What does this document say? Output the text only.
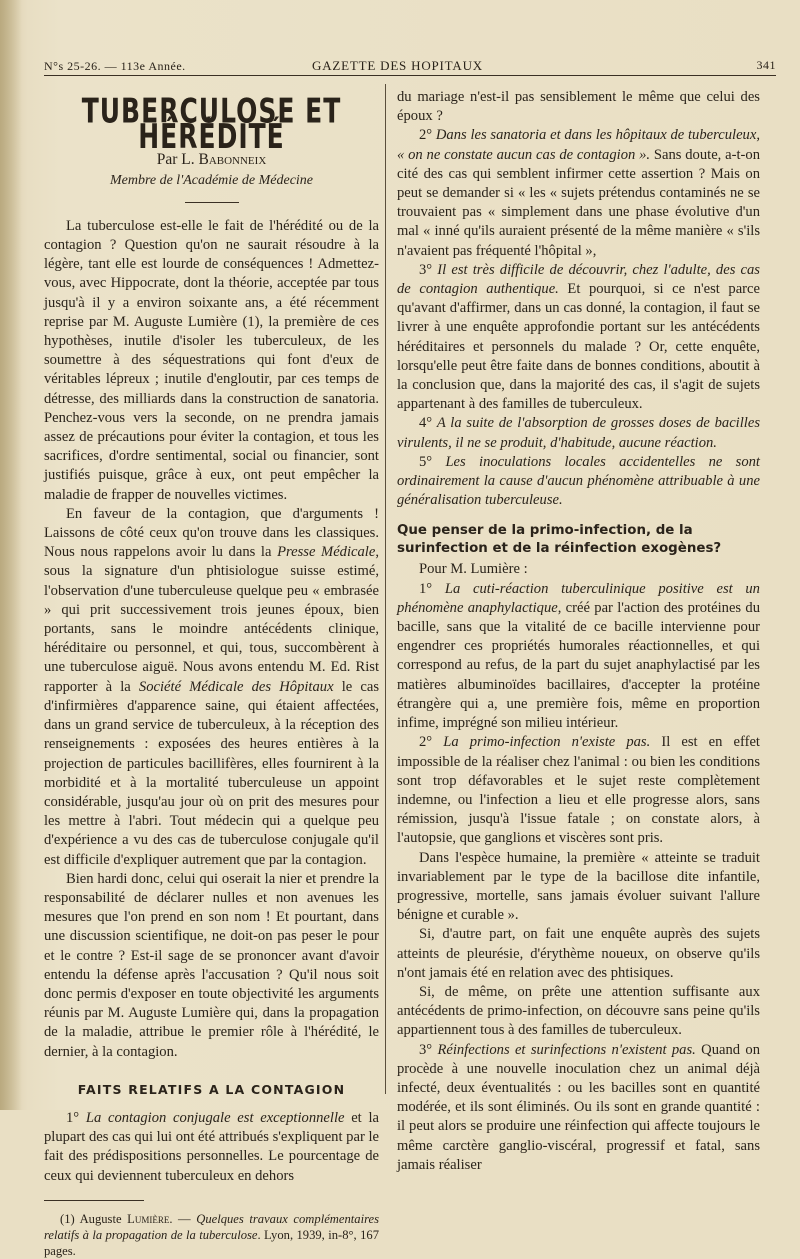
N°s 25-26. — 113e Année.	GAZETTE DES HOPITAUX	341
TUBERCULOSE ET HÉRÉDITÉ
Par L. Babonneix
Membre de l'Académie de Médecine

La tuberculose est-elle le fait de l'hérédité ou de la contagion ? Question qu'on ne saurait résoudre à la légère, tant elle est lourde de conséquences ! Admettez-vous, avec Hippocrate, dont la théorie, acceptée par tous jusqu'à il y a environ soixante ans, a été récemment reprise par M. Auguste Lumière (1), la première de ces hypothèses, inutile d'isoler les tuberculeux, de les soumettre à des séquestrations qui font d'eux de véritables lépreux ; inutile d'engloutir, par ces temps de détresse, des milliards dans la construction de sanatoria. Penchez-vous vers la seconde, on ne prendra jamais assez de précautions pour éviter la contagion, et tous les sacrifices, d'ordre sentimental, social ou financier, sont justifiés puisque, grâce à eux, ont peut empêcher la maladie de frapper de nouvelles victimes.

En faveur de la contagion, que d'arguments ! Laissons de côté ceux qu'on trouve dans les classiques. Nous nous rappelons avoir lu dans la Presse Médicale, sous la signature d'un phtisiologue suisse estimé, l'observation d'une tuberculeuse quelque peu « embrasée » qui prit successivement trois jeunes époux, bien portants, sans le moindre antécédents clinique, héréditaire ou personnel, et qui, tous, succombèrent à une tuberculose aiguë. Nous avons entendu M. Ed. Rist rapporter à la Société Médicale des Hôpitaux le cas d'infirmières d'apparence saine, qui étaient affectées, dans un grand service de tuberculeux, à la réception des renseignements : exposées des heures entières à la projection de particules bacillifères, elles fournirent à la morbidité et à la mortalité tuberculeuse un appoint considérable, jusqu'au jour où on prit des mesures pour les mettre à l'abri. Tout médecin qui a quelque peu d'expérience a vu des cas de tuberculose conjugale qu'il est difficile d'expliquer autrement que par la contagion.

Bien hardi donc, celui qui oserait la nier et prendre la responsabilité de déclarer nulles et non avenues les mesures que l'on prend en son nom ! Et pourtant, dans une discussion scientifique, ne doit-on pas peser le pour et le contre ? Est-il sage de se prononcer avant d'avoir entendu la défense après l'accusation ? Qu'il nous soit donc permis d'exposer en toute objectivité les arguments réunis par M. Auguste Lumière qui, dans la propagation de la maladie, attribue le premier rôle à l'hérédité, le dernier, à la contagion.

FAITS RELATIFS A LA CONTAGION

1° La contagion conjugale est exceptionnelle et la plupart des cas qui lui ont été attribués s'expliquent par le fait des prédispositions personnelles. Le pourcentage de ceux qui deviennent tuberculeux en dehors

(1) Auguste Lumière. — Quelques travaux complémentaires relatifs à la propagation de la tuberculose. Lyon, 1939, in-8°, 167 pages.

du mariage n'est-il pas sensiblement le même que celui des époux ?

2° Dans les sanatoria et dans les hôpitaux de tuberculeux, « on ne constate aucun cas de contagion ». Sans doute, a-t-on cité des cas qui semblent infirmer cette assertion ? Mais on peut se demander si « les « sujets prétendus contaminés ne se trouvaient pas « simplement dans une phase évolutive d'un mal « inné qu'ils auraient présenté de la même manière « s'ils n'avaient pas fréquenté l'hôpital »,

3° Il est très difficile de découvrir, chez l'adulte, des cas de contagion authentique. Et pourquoi, si ce n'est parce qu'avant d'affirmer, dans un cas donné, la contagion, il faut se livrer à une enquête approfondie portant sur les antécédents héréditaires et personnels du malade ? Or, cette enquête, lorsqu'elle peut être faite dans de bonnes conditions, aboutit à la conclusion que, dans la majorité des cas, il s'agit de sujets appartenant à des familles de tuberculeux.

4° A la suite de l'absorption de grosses doses de bacilles virulents, il ne se produit, d'habitude, aucune réaction.

5° Les inoculations locales accidentelles ne sont ordinairement la cause d'aucun phénomène attribuable à une généralisation tuberculeuse.

Que penser de la primo-infection, de la surinfection et de la réinfection exogènes?

Pour M. Lumière :

1° La cuti-réaction tuberculinique positive est un phénomène anaphylactique, créé par l'action des protéines du bacille, sans que la vitalité de ce bacille intervienne pour engendrer ces propriétés humorales réactionnelles, et qui correspond au refus, de la part du sujet anaphylactisé par les matières albuminoïdes bacillaires, d'accepter la protéine étrangère qui a, une première fois, même en proportion infime, imprégné son milieu intérieur.

2° La primo-infection n'existe pas. Il est en effet impossible de la réaliser chez l'animal : ou bien les conditions sont trop défavorables et le sujet reste complètement indemne, ou l'infection a lieu et elle progresse alors, sans rémission, jusqu'à l'issue fatale ; on constate alors, à l'autopsie, que ganglions et viscères sont pris.

Dans l'espèce humaine, la première « atteinte se traduit invariablement par le type de la bacillose dite infantile, progressive, mortelle, sans jamais évoluer suivant l'allure bénigne et curable ».

Si, d'autre part, on fait une enquête auprès des sujets atteints de pleurésie, d'érythème noueux, on observe qu'ils n'ont jamais été en relation avec des phtisiques.

Si, de même, on prête une attention suffisante aux antécédents de primo-infection, on découvre sans peine qu'ils appartiennent tous à des familles de tuberculeux.

3° Réinfections et surinfections n'existent pas. Quand on procède à une nouvelle inoculation chez un animal déjà infecté, deux éventualités : ou les bacilles sont en quantité modérée, et ils sont éliminés. Ou ils sont en grande quantité : il peut alors se produire une réinfection qui affecte toujours le même carctère ganglio-viscéral, progressif et fatal, sans jamais réaliser
